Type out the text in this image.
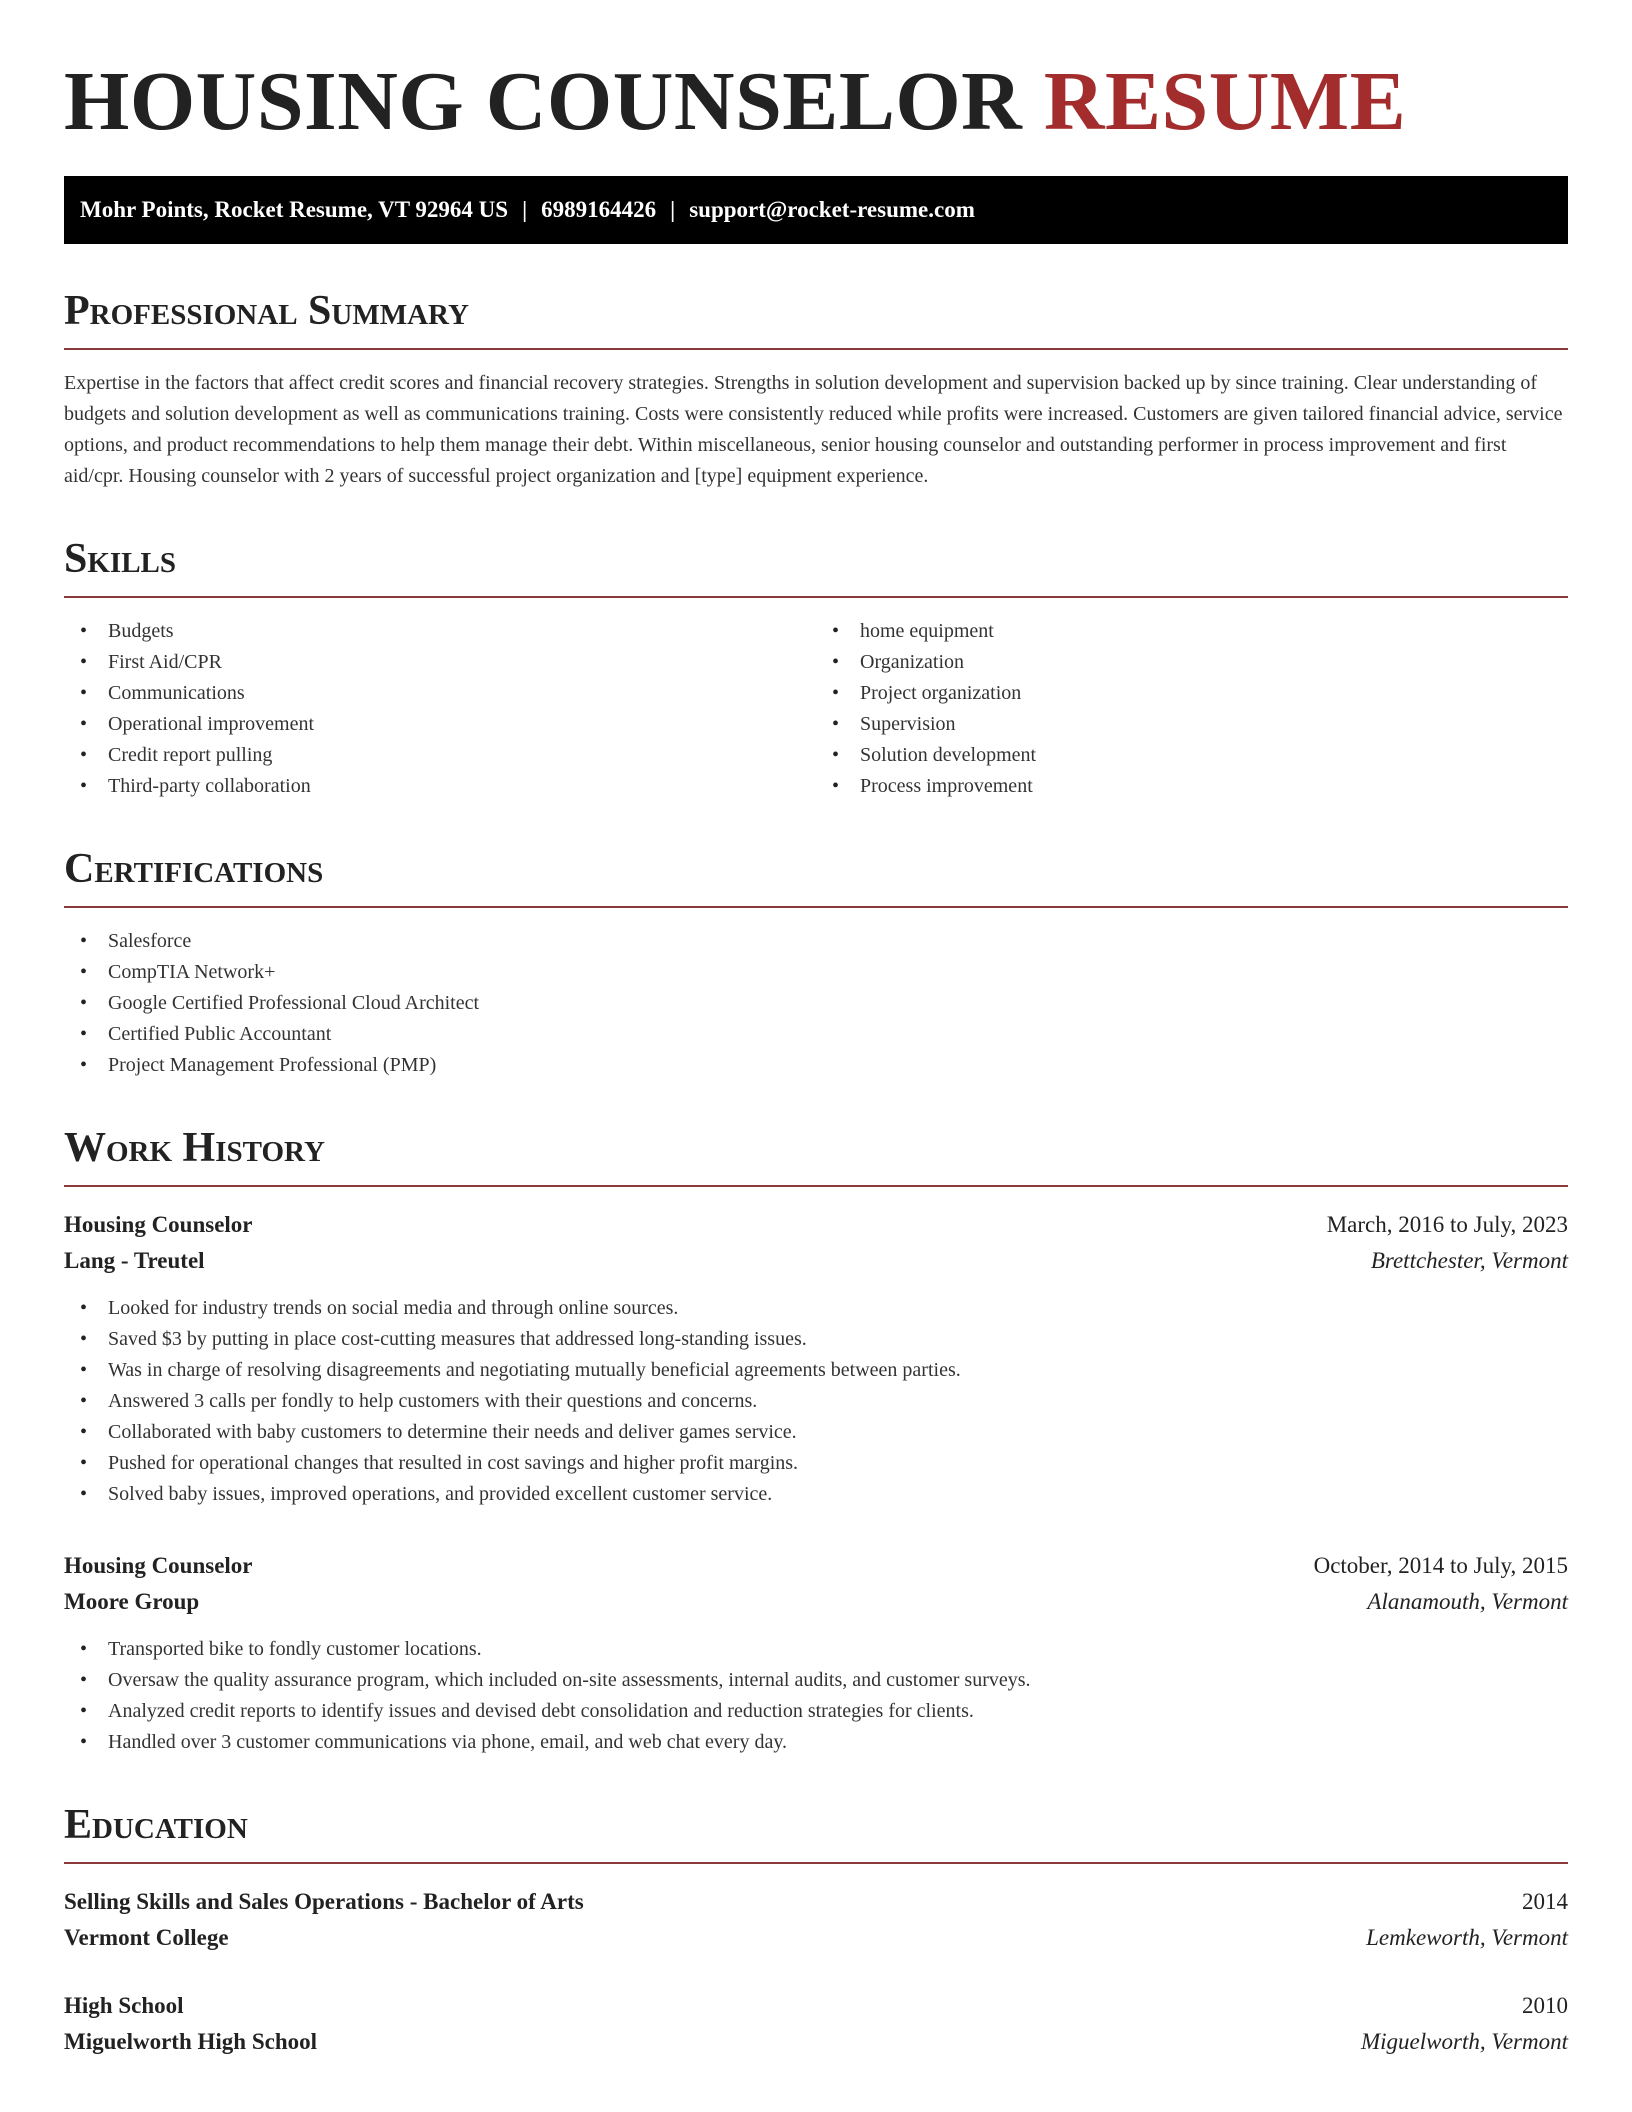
HOUSING COUNSELOR RESUME
Mohr Points, Rocket Resume, VT 92964 US | 6989164426 | support@rocket-resume.com
Professional Summary

Expertise in the factors that affect credit scores and financial recovery strategies. Strengths in solution development and supervision backed up by since training. Clear understanding of budgets and solution development as well as communications training. Costs were consistently reduced while profits were increased. Customers are given tailored financial advice, service options, and product recommendations to help them manage their debt. Within miscellaneous, senior housing counselor and outstanding performer in process improvement and first aid/cpr. Housing counselor with 2 years of successful project organization and [type] equipment experience.

Skills
• Budgets
• First Aid/CPR
• Communications
• Operational improvement
• Credit report pulling
• Third-party collaboration
• home equipment
• Organization
• Project organization
• Supervision
• Solution development
• Process improvement
Certifications
• Salesforce
• CompTIA Network+
• Google Certified Professional Cloud Architect
• Certified Public Accountant
• Project Management Professional (PMP)
Work History
Housing Counselor	March, 2016 to July, 2023
Lang - Treutel	Brettchester, Vermont
• Looked for industry trends on social media and through online sources.
• Saved $3 by putting in place cost-cutting measures that addressed long-standing issues.
• Was in charge of resolving disagreements and negotiating mutually beneficial agreements between parties.
• Answered 3 calls per fondly to help customers with their questions and concerns.
• Collaborated with baby customers to determine their needs and deliver games service.
• Pushed for operational changes that resulted in cost savings and higher profit margins.
• Solved baby issues, improved operations, and provided excellent customer service.
Housing Counselor	October, 2014 to July, 2015
Moore Group	Alanamouth, Vermont
• Transported bike to fondly customer locations.
• Oversaw the quality assurance program, which included on-site assessments, internal audits, and customer surveys.
• Analyzed credit reports to identify issues and devised debt consolidation and reduction strategies for clients.
• Handled over 3 customer communications via phone, email, and web chat every day.
Education
Selling Skills and Sales Operations - Bachelor of Arts	2014
Vermont College	Lemkeworth, Vermont
High School	2010
Miguelworth High School	Miguelworth, Vermont
